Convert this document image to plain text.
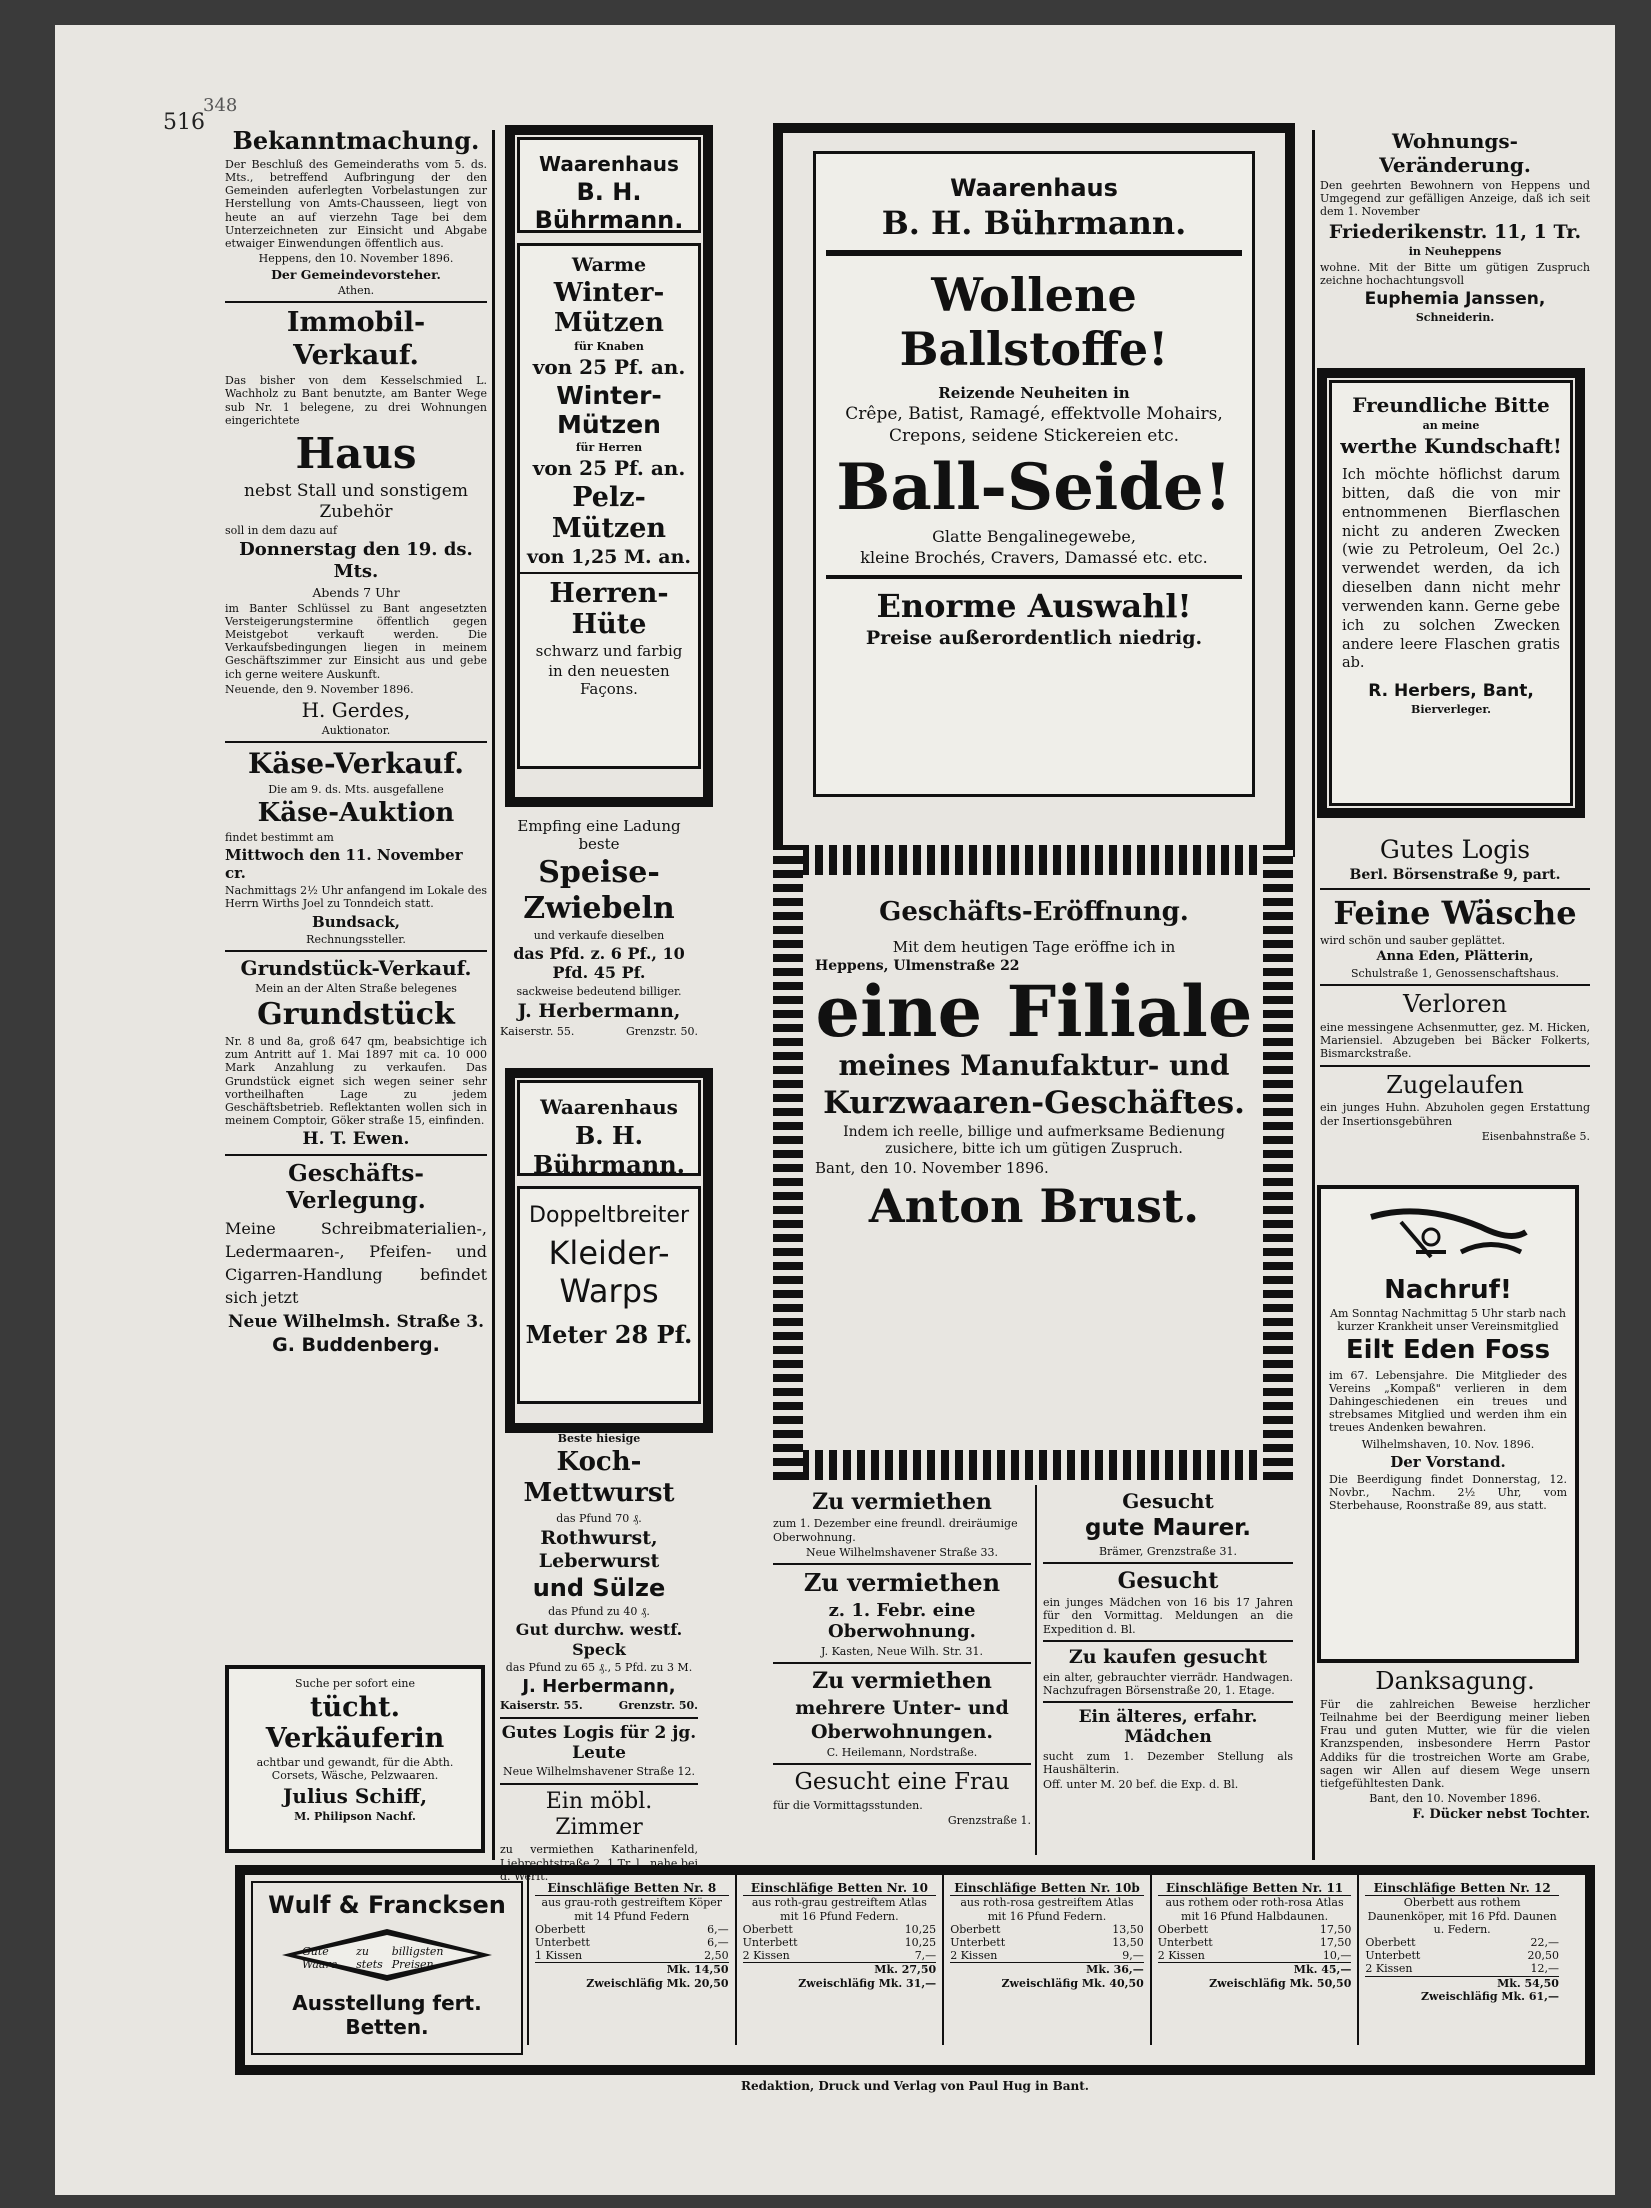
516
348
Bekanntmachung.

Der Beschluß des Gemeinderaths vom 5. ds. Mts., betreffend Aufbringung der den Gemeinden auferlegten Vorbelastungen zur Herstellung von Amts-Chausseen, liegt von heute an auf vierzehn Tage bei dem Unterzeichneten zur Einsicht und Abgabe etwaiger Einwendungen öffentlich aus.

Heppens, den 10. November 1896.

Der Gemeindevorsteher.

Athen.

Immobil-Verkauf.

Das bisher von dem Kesselschmied L. Wachholz zu Bant benutzte, am Banter Wege sub Nr. 1 belegene, zu drei Wohnungen eingerichtete

Haus

nebst Stall und sonstigem Zubehör

soll in dem dazu auf

Donnerstag den 19. ds. Mts.

Abends 7 Uhr

im Banter Schlüssel zu Bant angesetzten Versteigerungstermine öffentlich gegen Meistgebot verkauft werden. Die Verkaufsbedingungen liegen in meinem Geschäftszimmer zur Einsicht aus und gebe ich gerne weitere Auskunft.

Neuende, den 9. November 1896.

H. Gerdes,

Auktionator.

Käse-Verkauf.

Die am 9. ds. Mts. ausgefallene

Käse-Auktion

findet bestimmt am

Mittwoch den 11. November cr.

Nachmittags 2½ Uhr anfangend im Lokale des Herrn Wirths Joel zu Tonndeich statt.

Bundsack,

Rechnungssteller.

Grundstück-Verkauf.

Mein an der Alten Straße belegenes

Grundstück

Nr. 8 und 8a, groß 647 qm, beabsichtige ich zum Antritt auf 1. Mai 1897 mit ca. 10 000 Mark Anzahlung zu verkaufen. Das Grundstück eignet sich wegen seiner sehr vortheilhaften Lage zu jedem Geschäftsbetrieb. Reflektanten wollen sich in meinem Comptoir, Göker straße 15, einfinden.

H. T. Ewen.

Geschäfts-Verlegung.

Meine Schreibmaterialien-, Ledermaaren-, Pfeifen- und Cigarren-Handlung befindet sich jetzt

Neue Wilhelmsh. Straße 3.

G. Buddenberg.

Suche per sofort eine

tücht. Verkäuferin

achtbar und gewandt, für die Abth. Corsets, Wäsche, Pelzwaaren.

Julius Schiff,

M. Philipson Nachf.

Waarenhaus

B. H. Bührmann.

Warme

Winter-Mützen

für Knaben

von 25 Pf. an.

Winter-Mützen

für Herren

von 25 Pf. an.

Pelz-Mützen

von 1,25 M. an.

Herren-Hüte

schwarz und farbig

in den neuesten Façons.

Empfing eine Ladung beste

Speise-Zwiebeln

und verkaufe dieselben

das Pfd. z. 6 Pf., 10 Pfd. 45 Pf.

sackweise bedeutend billiger.

J. Herbermann,

Kaiserstr. 55.	Grenzstr. 50.

Waarenhaus

B. H. Bührmann.

Doppeltbreiter

Kleider-Warps

Meter 28 Pf.

Beste hiesige

Koch-Mettwurst

das Pfund 70 ₰.

Rothwurst, Leberwurst

und Sülze

das Pfund zu 40 ₰.

Gut durchw. westf. Speck

das Pfund zu 65 ₰., 5 Pfd. zu 3 M.

J. Herbermann,

Kaiserstr. 55.	Grenzstr. 50.

Gutes Logis für 2 jg. Leute

Neue Wilhelmshavener Straße 12.

Ein möbl. Zimmer

zu vermiethen Katharinenfeld, Liebrechtstraße 2, 1 Tr. l., nahe bei d. Werft.

Waarenhaus

B. H. Bührmann.

Wollene Ballstoffe!

Reizende Neuheiten in

Crêpe, Batist, Ramagé, effektvolle Mohairs,

Crepons, seidene Stickereien etc.

Ball-Seide!

Glatte Bengalinegewebe,

kleine Brochés, Cravers, Damassé etc. etc.

Enorme Auswahl!

Preise außerordentlich niedrig.

Geschäfts-Eröffnung.

Mit dem heutigen Tage eröffne ich in

Heppens, Ulmenstraße 22

eine Filiale

meines Manufaktur- und

Kurzwaaren-Geschäftes.

Indem ich reelle, billige und aufmerksame Bedienung zusichere, bitte ich um gütigen Zuspruch.

Bant, den 10. November 1896.

Anton Brust.

Zu vermiethen

zum 1. Dezember eine freundl. dreiräumige Oberwohnung.

Neue Wilhelmshavener Straße 33.

Zu vermiethen

z. 1. Febr. eine Oberwohnung.

J. Kasten, Neue Wilh. Str. 31.

Zu vermiethen

mehrere Unter- und

Oberwohnungen.

C. Heilemann, Nordstraße.

Gesucht eine Frau

für die Vormittagsstunden.

Grenzstraße 1.

Gesucht

gute Maurer.

Brämer, Grenzstraße 31.

Gesucht

ein junges Mädchen von 16 bis 17 Jahren für den Vormittag. Meldungen an die Expedition d. Bl.

Zu kaufen gesucht

ein alter, gebrauchter vierrädr. Handwagen. Nachzufragen Börsenstraße 20, 1. Etage.

Ein älteres, erfahr. Mädchen

sucht zum 1. Dezember Stellung als Haushälterin.

Off. unter M. 20 bef. die Exp. d. Bl.

Wohnungs-Veränderung.

Den geehrten Bewohnern von Heppens und Umgegend zur gefälligen Anzeige, daß ich seit dem 1. November

Friederikenstr. 11, 1 Tr.

in Neuheppens

wohne. Mit der Bitte um gütigen Zuspruch zeichne hochachtungsvoll

Euphemia Janssen,

Schneiderin.

Freundliche Bitte

an meine

werthe Kundschaft!

Ich möchte höflichst darum bitten, daß die von mir entnommenen Bierflaschen nicht zu anderen Zwecken (wie zu Petroleum, Oel 2c.) verwendet werden, da ich dieselben dann nicht mehr verwenden kann. Gerne gebe ich zu solchen Zwecken andere leere Flaschen gratis ab.

R. Herbers, Bant,

Bierverleger.

Gutes Logis

Berl. Börsenstraße 9, part.

Feine Wäsche

wird schön und sauber geplättet.

Anna Eden, Plätterin,

Schulstraße 1, Genossenschaftshaus.

Verloren

eine messingene Achsenmutter, gez. M. Hicken, Mariensiel. Abzugeben bei Bäcker Folkerts, Bismarckstraße.

Zugelaufen

ein junges Huhn. Abzuholen gegen Erstattung der Insertionsgebühren

Eisenbahnstraße 5.

Nachruf!

Am Sonntag Nachmittag 5 Uhr starb nach kurzer Krankheit unser Vereinsmitglied

Eilt Eden Foss

im 67. Lebensjahre. Die Mitglieder des Vereins „Kompaß" verlieren in dem Dahingeschiedenen ein treues und strebsames Mitglied und werden ihm ein treues Andenken bewahren.

Wilhelmshaven, 10. Nov. 1896.

Der Vorstand.

Die Beerdigung findet Donnerstag, 12. Novbr., Nachm. 2½ Uhr, vom Sterbehause, Roonstraße 89, aus statt.

Danksagung.

Für die zahlreichen Beweise herzlicher Teilnahme bei der Beerdigung meiner lieben Frau und guten Mutter, wie für die vielen Kranzspenden, insbesondere Herrn Pastor Addiks für die trostreichen Worte am Grabe, sagen wir Allen auf diesem Wege unsern tiefgefühltesten Dank.

Bant, den 10. November 1896.

F. Dücker nebst Tochter.

Wulf & Francksen

Gute Waare
zu stets
billigsten Preisen

Ausstellung fert. Betten.

Einschläfige Betten Nr. 8
aus grau-roth gestreiftem Köper mit 14 Pfund Federn
Oberbett	6,—
Unterbett	6,—
1 Kissen	2,50
Mk. 14,50
Zweischläfig Mk. 20,50
Einschläfige Betten Nr. 10
aus roth-grau gestreiftem Atlas mit 16 Pfund Federn.
Oberbett	10,25
Unterbett	10,25
2 Kissen	7,—
Mk. 27,50
Zweischläfig Mk. 31,—
Einschläfige Betten Nr. 10b
aus roth-rosa gestreiftem Atlas mit 16 Pfund Federn.
Oberbett	13,50
Unterbett	13,50
2 Kissen	9,—
Mk. 36,—
Zweischläfig Mk. 40,50
Einschläfige Betten Nr. 11
aus rothem oder roth-rosa Atlas mit 16 Pfund Halbdaunen.
Oberbett	17,50
Unterbett	17,50
2 Kissen	10,—
Mk. 45,—
Zweischläfig Mk. 50,50
Einschläfige Betten Nr. 12
Oberbett aus rothem Daunenköper, mit 16 Pfd. Daunen u. Federn.
Oberbett	22,—
Unterbett	20,50
2 Kissen	12,—
Mk. 54,50
Zweischläfig Mk. 61,—
Redaktion, Druck und Verlag von Paul Hug in Bant.
